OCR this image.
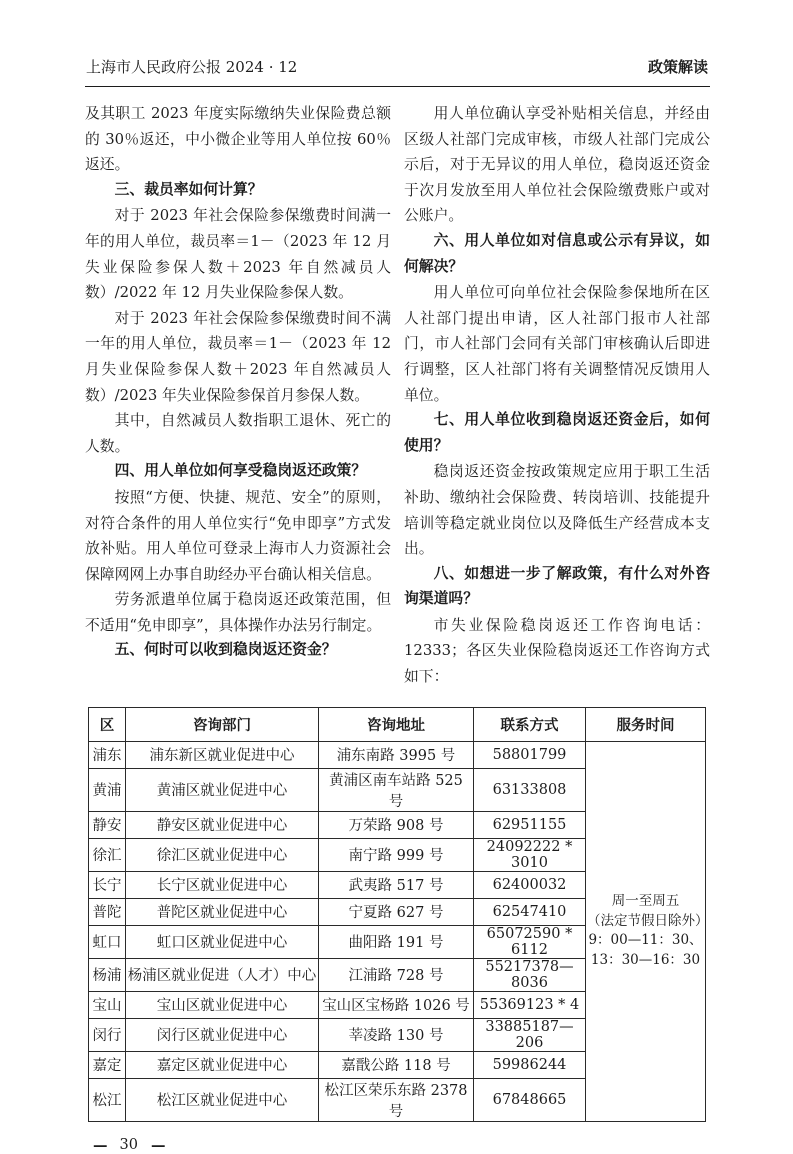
上海市人民政府公报 2024 · 12	政策解读

及其职工 2023 年度实际缴纳失业保险费总额的 30％返还，中小微企业等用人单位按 60％返还。

三、裁员率如何计算？

对于 2023 年社会保险参保缴费时间满一年的用人单位，裁员率＝1－（2023 年 12 月失业保险参保人数＋2023 年自然减员人数）/2022 年 12 月失业保险参保人数。

对于 2023 年社会保险参保缴费时间不满一年的用人单位，裁员率＝1－（2023 年 12 月失业保险参保人数＋2023 年自然减员人数）/2023 年失业保险参保首月参保人数。

其中，自然减员人数指职工退休、死亡的人数。

四、用人单位如何享受稳岗返还政策？

按照“方便、快捷、规范、安全”的原则，对符合条件的用人单位实行“免申即享”方式发放补贴。用人单位可登录上海市人力资源社会保障网网上办事自助经办平台确认相关信息。

劳务派遣单位属于稳岗返还政策范围，但不适用“免申即享”，具体操作办法另行制定。

五、何时可以收到稳岗返还资金？

用人单位确认享受补贴相关信息，并经由区级人社部门完成审核，市级人社部门完成公示后，对于无异议的用人单位，稳岗返还资金于次月发放至用人单位社会保险缴费账户或对公账户。

六、用人单位如对信息或公示有异议，如何解决？

用人单位可向单位社会保险参保地所在区人社部门提出申请，区人社部门报市人社部门，市人社部门会同有关部门审核确认后即进行调整，区人社部门将有关调整情况反馈用人单位。

七、用人单位收到稳岗返还资金后，如何使用？

稳岗返还资金按政策规定应用于职工生活补助、缴纳社会保险费、转岗培训、技能提升培训等稳定就业岗位以及降低生产经营成本支出。

八、如想进一步了解政策，有什么对外咨询渠道吗？

市失业保险稳岗返还工作咨询电话：12333；各区失业保险稳岗返还工作咨询方式如下：

区	咨询部门	咨询地址	联系方式	服务时间
浦东	浦东新区就业促进中心	浦东南路 3995 号	58801799	周一至周五
（法定节假日除外）
9：00—11：30、
13：30—16：30

黄浦	黄浦区就业促进中心	黄浦区南车站路 525 号	63133808	
静安	静安区就业促进中心	万荣路 908 号	62951155	
徐汇	徐汇区就业促进中心	南宁路 999 号	24092222 * 3010	
长宁	长宁区就业促进中心	武夷路 517 号	62400032	
普陀	普陀区就业促进中心	宁夏路 627 号	62547410	
虹口	虹口区就业促进中心	曲阳路 191 号	65072590 * 6112	
杨浦	杨浦区就业促进（人才）中心	江浦路 728 号	55217378—8036	
宝山	宝山区就业促进中心	宝山区宝杨路 1026 号	55369123 * 4	
闵行	闵行区就业促进中心	莘凌路 130 号	33885187—206	
嘉定	嘉定区就业促进中心	嘉戬公路 118 号	59986244	
松江	松江区就业促进中心	松江区荣乐东路 2378 号	67848665	
— 30 —
